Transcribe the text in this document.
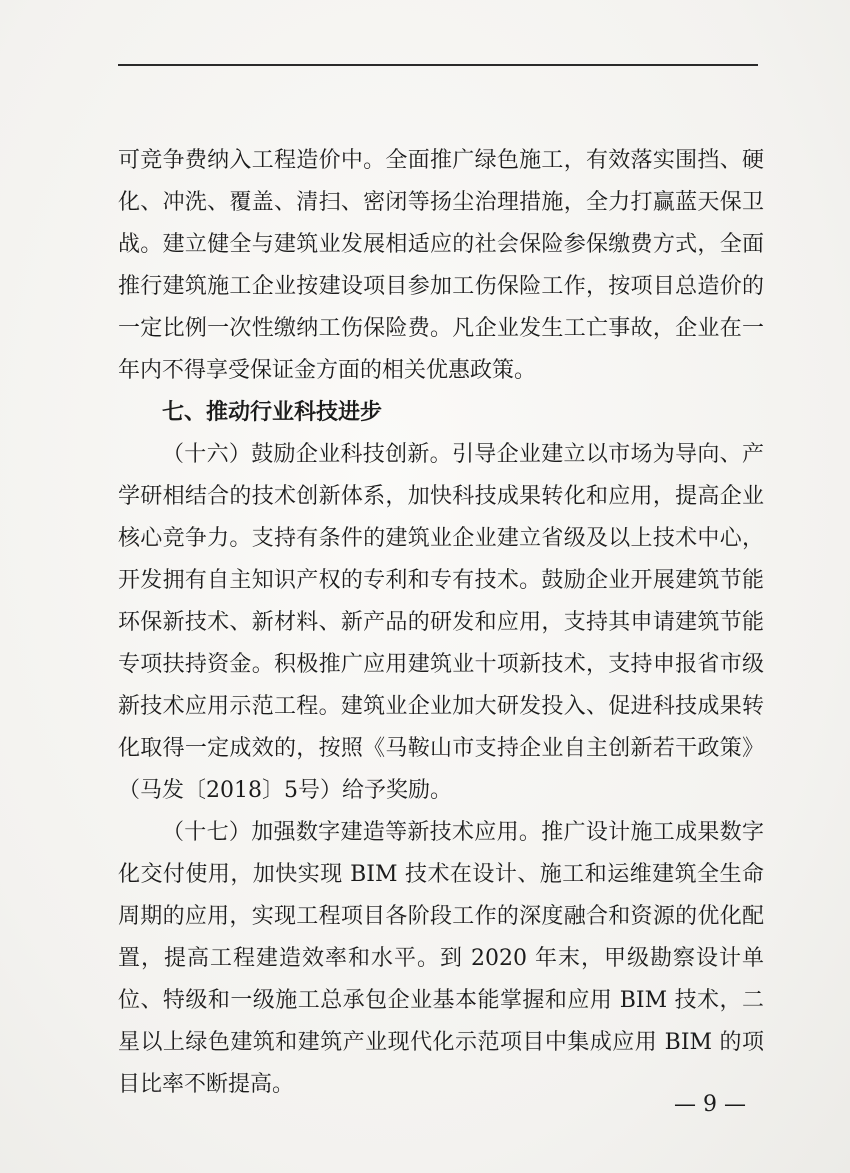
可竞争费纳入工程造价中。全面推广绿色施工，有效落实围挡、硬化、冲洗、覆盖、清扫、密闭等扬尘治理措施，全力打赢蓝天保卫战。建立健全与建筑业发展相适应的社会保险参保缴费方式，全面推行建筑施工企业按建设项目参加工伤保险工作，按项目总造价的一定比例一次性缴纳工伤保险费。凡企业发生工亡事故，企业在一年内不得享受保证金方面的相关优惠政策。

七、推动行业科技进步

（十六）鼓励企业科技创新。引导企业建立以市场为导向、产学研相结合的技术创新体系，加快科技成果转化和应用，提高企业核心竞争力。支持有条件的建筑业企业建立省级及以上技术中心，开发拥有自主知识产权的专利和专有技术。鼓励企业开展建筑节能环保新技术、新材料、新产品的研发和应用，支持其申请建筑节能专项扶持资金。积极推广应用建筑业十项新技术，支持申报省市级新技术应用示范工程。建筑业企业加大研发投入、促进科技成果转化取得一定成效的，按照《马鞍山市支持企业自主创新若干政策》（马发〔2018〕5号）给予奖励。

（十七）加强数字建造等新技术应用。推广设计施工成果数字化交付使用，加快实现 BIM 技术在设计、施工和运维建筑全生命周期的应用，实现工程项目各阶段工作的深度融合和资源的优化配置，提高工程建造效率和水平。到 2020 年末，甲级勘察设计单位、特级和一级施工总承包企业基本能掌握和应用 BIM 技术，二星以上绿色建筑和建筑产业现代化示范项目中集成应用 BIM 的项目比率不断提高。

— 9 —
